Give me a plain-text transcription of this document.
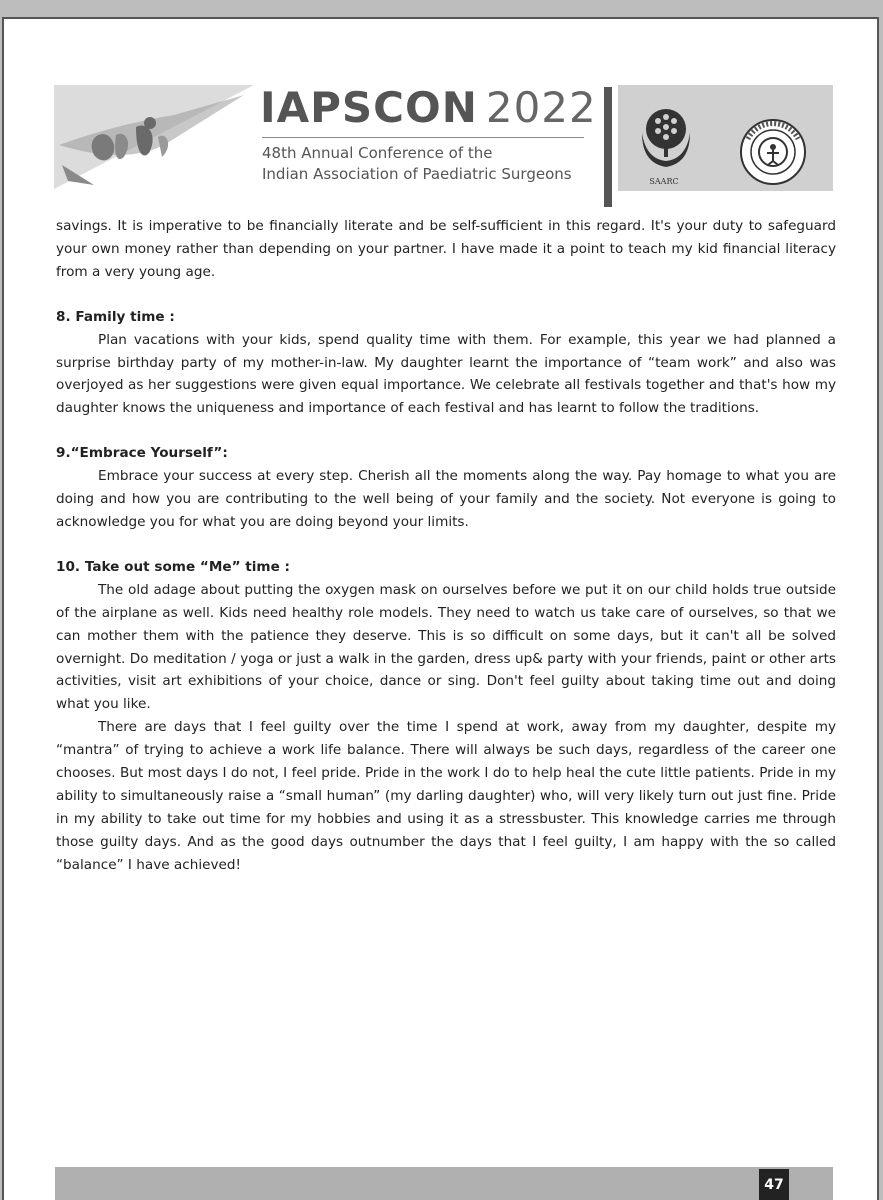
IAPSCON 2022
48th Annual Conference of the
Indian Association of Paediatric Surgeons	SAARC

savings. It is imperative to be financially literate and be self-sufficient in this regard. It's your duty to safeguard your own money rather than depending on your partner. I have made it a point to teach my kid financial literacy from a very young age.

8. Family time :

Plan vacations with your kids, spend quality time with them. For example, this year we had planned a surprise birthday party of my mother-in-law. My daughter learnt the importance of “team work” and also was overjoyed as her suggestions were given equal importance. We celebrate all festivals together and that's how my daughter knows the uniqueness and importance of each festival and has learnt to follow the traditions.

9.“Embrace Yourself”:

Embrace your success at every step. Cherish all the moments along the way. Pay homage to what you are doing and how you are contributing to the well being of your family and the society. Not everyone is going to acknowledge you for what you are doing beyond your limits.

10. Take out some “Me” time :

The old adage about putting the oxygen mask on ourselves before we put it on our child holds true outside of the airplane as well. Kids need healthy role models. They need to watch us take care of ourselves, so that we can mother them with the patience they deserve. This is so difficult on some days, but it can't all be solved overnight. Do meditation / yoga or just a walk in the garden, dress up& party with your friends, paint or other arts activities, visit art exhibitions of your choice, dance or sing. Don't feel guilty about taking time out and doing what you like.

There are days that I feel guilty over the time I spend at work, away from my daughter, despite my “mantra” of trying to achieve a work life balance. There will always be such days, regardless of the career one chooses. But most days I do not, I feel pride. Pride in the work I do to help heal the cute little patients. Pride in my ability to simultaneously raise a “small human” (my darling daughter) who, will very likely turn out just fine. Pride in my ability to take out time for my hobbies and using it as a stressbuster. This knowledge carries me through those guilty days. And as the good days outnumber the days that I feel guilty, I am happy with the so called “balance” I have achieved!

47
